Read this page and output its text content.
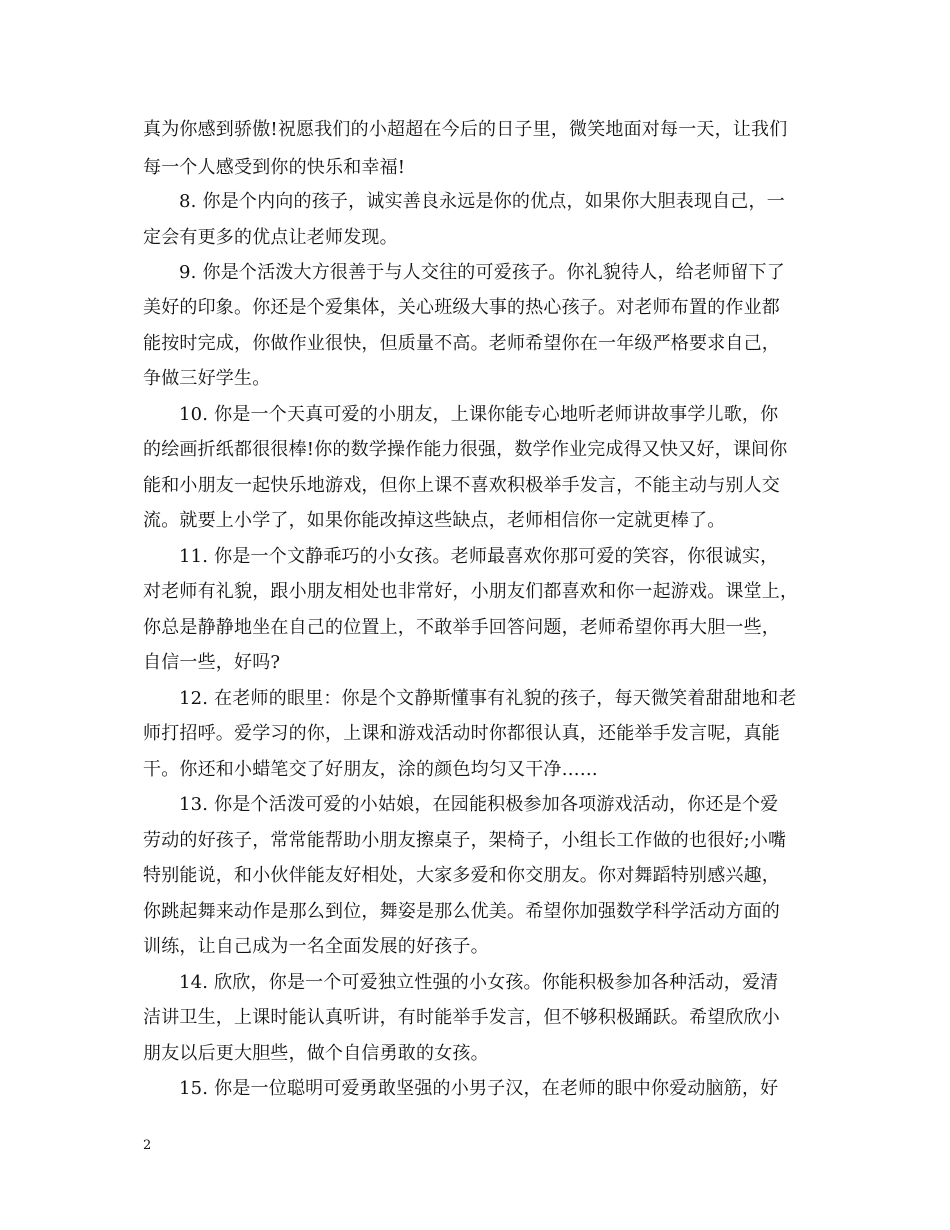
真为你感到骄傲!祝愿我们的小超超在今后的日子里，微笑地面对每一天，让我们
每一个人感受到你的快乐和幸福!
8. 你是个内向的孩子，诚实善良永远是你的优点，如果你大胆表现自己，一
定会有更多的优点让老师发现。
9. 你是个活泼大方很善于与人交往的可爱孩子。你礼貌待人，给老师留下了
美好的印象。你还是个爱集体，关心班级大事的热心孩子。对老师布置的作业都
能按时完成，你做作业很快，但质量不高。老师希望你在一年级严格要求自己，
争做三好学生。
10. 你是一个天真可爱的小朋友，上课你能专心地听老师讲故事学儿歌，你
的绘画折纸都很很棒!你的数学操作能力很强，数学作业完成得又快又好，课间你
能和小朋友一起快乐地游戏，但你上课不喜欢积极举手发言，不能主动与别人交
流。就要上小学了，如果你能改掉这些缺点，老师相信你一定就更棒了。
11. 你是一个文静乖巧的小女孩。老师最喜欢你那可爱的笑容，你很诚实，
对老师有礼貌，跟小朋友相处也非常好，小朋友们都喜欢和你一起游戏。课堂上，
你总是静静地坐在自己的位置上，不敢举手回答问题，老师希望你再大胆一些，
自信一些，好吗?
12. 在老师的眼里：你是个文静斯懂事有礼貌的孩子，每天微笑着甜甜地和老
师打招呼。爱学习的你，上课和游戏活动时你都很认真，还能举手发言呢，真能
干。你还和小蜡笔交了好朋友，涂的颜色均匀又干净……
13. 你是个活泼可爱的小姑娘，在园能积极参加各项游戏活动，你还是个爱
劳动的好孩子，常常能帮助小朋友擦桌子，架椅子，小组长工作做的也很好;小嘴
特别能说，和小伙伴能友好相处，大家多爱和你交朋友。你对舞蹈特别感兴趣，
你跳起舞来动作是那么到位，舞姿是那么优美。希望你加强数学科学活动方面的
训练，让自己成为一名全面发展的好孩子。
14. 欣欣，你是一个可爱独立性强的小女孩。你能积极参加各种活动，爱清
洁讲卫生，上课时能认真听讲，有时能举手发言，但不够积极踊跃。希望欣欣小
朋友以后更大胆些，做个自信勇敢的女孩。
15. 你是一位聪明可爱勇敢坚强的小男子汉，在老师的眼中你爱动脑筋，好
2
